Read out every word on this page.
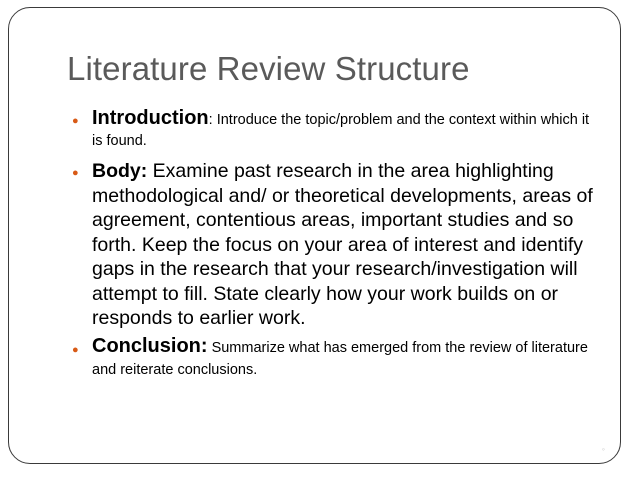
◦
Literature Review Structure
● Introduction: Introduce the topic/problem and the context within which it is found.

● Body: Examine past research in the area highlighting methodological and/ or theoretical developments, areas of agreement, contentious areas, important studies and so forth. Keep the focus on your area of interest and identify gaps in the research that your research/investigation will attempt to fill. State clearly how your work builds on or responds to earlier work.

● Conclusion: Summarize what has emerged from the review of literature and reiterate conclusions.
